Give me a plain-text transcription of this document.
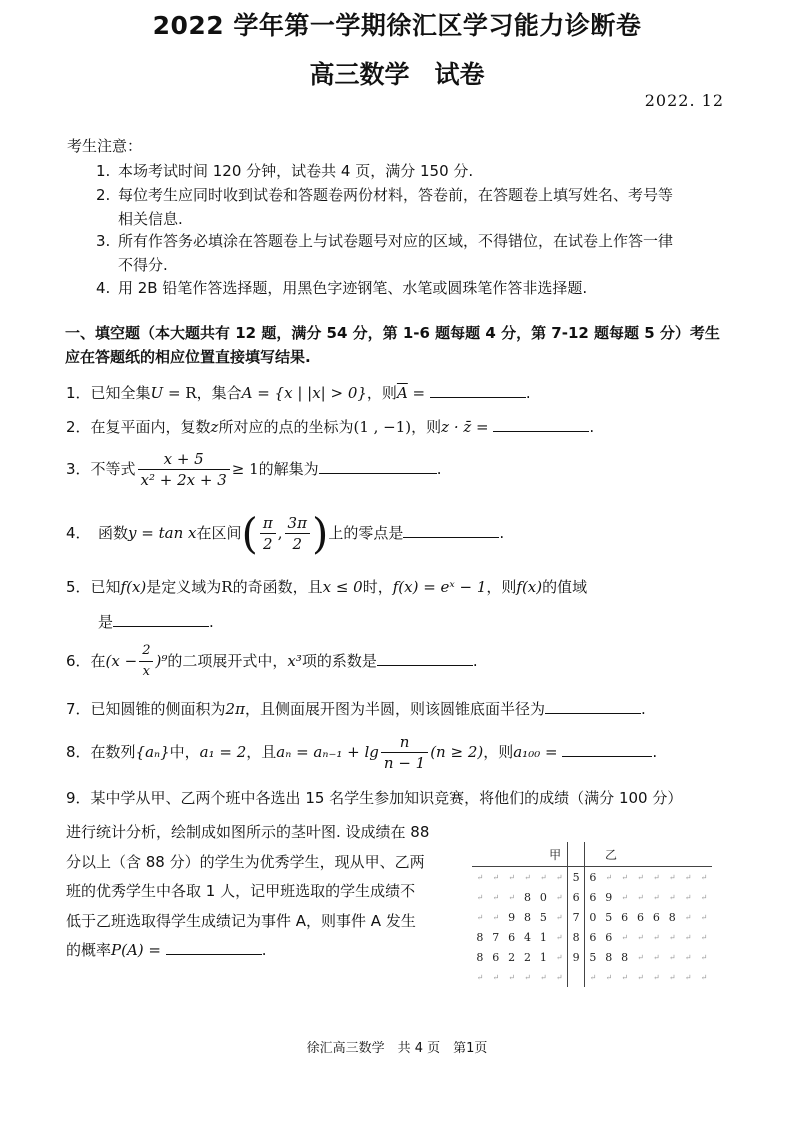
2022 学年第一学期徐汇区学习能力诊断卷
高三数学　试卷
2022. 12
考生注意：
1. 本场考试时间 120 分钟，试卷共 4 页，满分 150 分.
2. 每位考生应同时收到试卷和答题卷两份材料，答卷前，在答题卷上填写姓名、考号等
相关信息.
3. 所有作答务必填涂在答题卷上与试卷题号对应的区域，不得错位，在试卷上作答一律
不得分.
4. 用 2B 铅笔作答选择题，用黑色字迹钢笔、水笔或圆珠笔作答非选择题.
一、填空题（本大题共有 12 题，满分 54 分，第 1-6 题每题 4 分，第 7-12 题每题 5 分）考生
应在答题纸的相应位置直接填写结果.
1．已知全集U = R，集合A = {x | |x| > 0}，则$\overline{A}$ =	.
2．在复平面内，复数z所对应的点的坐标为(1 , −1)，则z · z̄ =	.
3．不等式 $\frac{x + 5}{\text{x² + 2x + 3}} \ge 1$的解集为	.
4．　函数y = tan x在区间( $\frac{\pi}{2}$ , $\frac{3\pi}{2}$ )上的零点是	.
5．已知f(x)是定义域为R的奇函数，且x ≤ 0时，f(x) = eˣ − 1，则f(x)的值域
是	.
6．在$(x - \frac{2}{x} )^9$的二项展开式中，x³项的系数是	.
7．已知圆锥的侧面积为2π，且侧面展开图为半圆，则该圆锥底面半径为	.
8．在数列{aₙ}中，a₁ = 2，且$a_n = a_{n-1} + \lg \frac{n}{n - 1} (n \ge 2)$，则a₁₀₀ =	.
9．某中学从甲、乙两个班中各选出 15 名学生参加知识竞赛，将他们的成绩（满分 100 分）
进行统计分析，绘制成如图所示的茎叶图. 设成绩在 88
分以上（含 88 分）的学生为优秀学生，现从甲、乙两
班的优秀学生中各取 1 人，记甲班选取的学生成绩不
低于乙班选取得学生成绩记为事件 A，则事件 A 发生
的概率P(A) =	.
甲							乙							
↵	↵	↵	↵	↵	↵	5	6	↵	↵	↵	↵	↵	↵	↵
↵	↵	↵	8	0	↵	6	6	9	↵	↵	↵	↵	↵	↵
↵	↵	9	8	5	↵	7	0	5	6	6	6	8	↵	↵
8	7	6	4	1	↵	8	6	6	↵	↵	↵	↵	↵	↵
8	6	2	2	1	↵	9	5	8	8	↵	↵	↵	↵	↵
↵	↵	↵	↵	↵	↵		↵	↵	↵	↵	↵	↵	↵	↵
徐汇高三数学　共 4 页　第1页
